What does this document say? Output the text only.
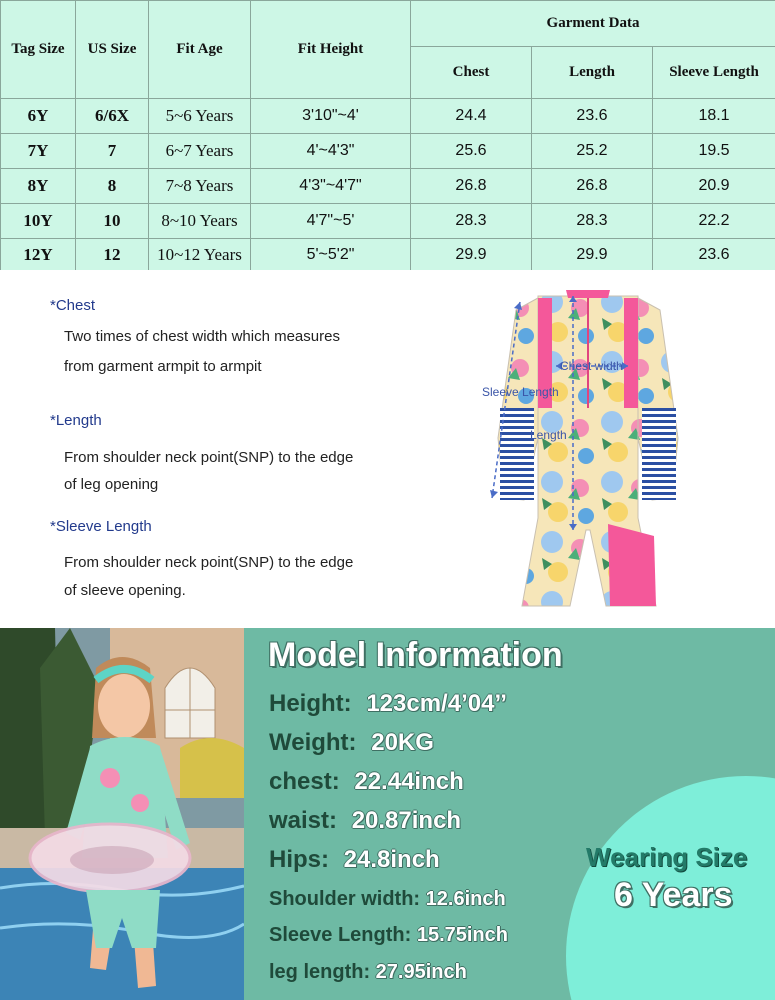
Tag Size	US Size	Fit Age	Fit Height	Garment Data		
				Chest	Length	Sleeve Length
6Y	6/6X	5~6 Years	3'10"~4'	24.4	23.6	18.1
7Y	7	6~7 Years	4'~4'3"	25.6	25.2	19.5
8Y	8	7~8 Years	4'3"~4'7"	26.8	26.8	20.9
10Y	10	8~10 Years	4'7"~5'	28.3	28.3	22.2
12Y	12	10~12 Years	5'~5'2"	29.9	29.9	23.6
*Chest
Two times of chest width which measures
from garment armpit to armpit
*Length
From shoulder neck point(SNP) to the edge
of leg opening
*Sleeve Length
From shoulder neck point(SNP) to the edge
of sleeve opening.
Chest width
Sleeve Length
Length
Model Information
Height: 123cm/4’04’’
Weight: 20KG
chest: 22.44inch
waist: 20.87inch
Hips: 24.8inch
Shoulder width: 12.6inch
Sleeve Length: 15.75inch
leg length: 27.95inch
Wearing Size
6 Years
